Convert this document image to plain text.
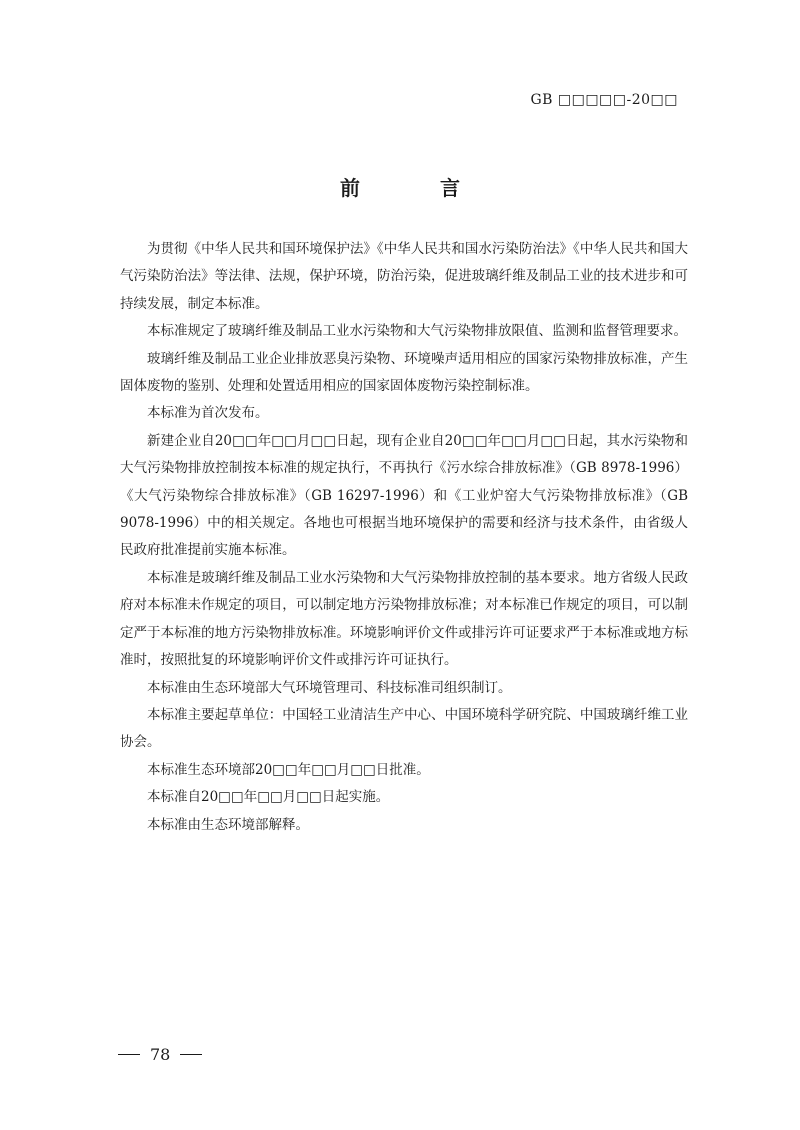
GB □□□□□-20□□
前　言

为贯彻《中华人民共和国环境保护法》《中华人民共和国水污染防治法》《中华人民共和国大气污染防治法》等法律、法规，保护环境，防治污染，促进玻璃纤维及制品工业的技术进步和可持续发展，制定本标准。

本标准规定了玻璃纤维及制品工业水污染物和大气污染物排放限值、监测和监督管理要求。

玻璃纤维及制品工业企业排放恶臭污染物、环境噪声适用相应的国家污染物排放标准，产生固体废物的鉴别、处理和处置适用相应的国家固体废物污染控制标准。

本标准为首次发布。

新建企业自20□□年□□月□□日起，现有企业自20□□年□□月□□日起，其水污染物和大气污染物排放控制按本标准的规定执行，不再执行《污水综合排放标准》（GB 8978-1996）《大气污染物综合排放标准》（GB 16297-1996）和《工业炉窑大气污染物排放标准》（GB 9078-1996）中的相关规定。各地也可根据当地环境保护的需要和经济与技术条件，由省级人民政府批准提前实施本标准。

本标准是玻璃纤维及制品工业水污染物和大气污染物排放控制的基本要求。地方省级人民政府对本标准未作规定的项目，可以制定地方污染物排放标准；对本标准已作规定的项目，可以制定严于本标准的地方污染物排放标准。环境影响评价文件或排污许可证要求严于本标准或地方标准时，按照批复的环境影响评价文件或排污许可证执行。

本标准由生态环境部大气环境管理司、科技标准司组织制订。

本标准主要起草单位：中国轻工业清洁生产中心、中国环境科学研究院、中国玻璃纤维工业协会。

本标准生态环境部20□□年□□月□□日批准。

本标准自20□□年□□月□□日起实施。

本标准由生态环境部解释。

78
